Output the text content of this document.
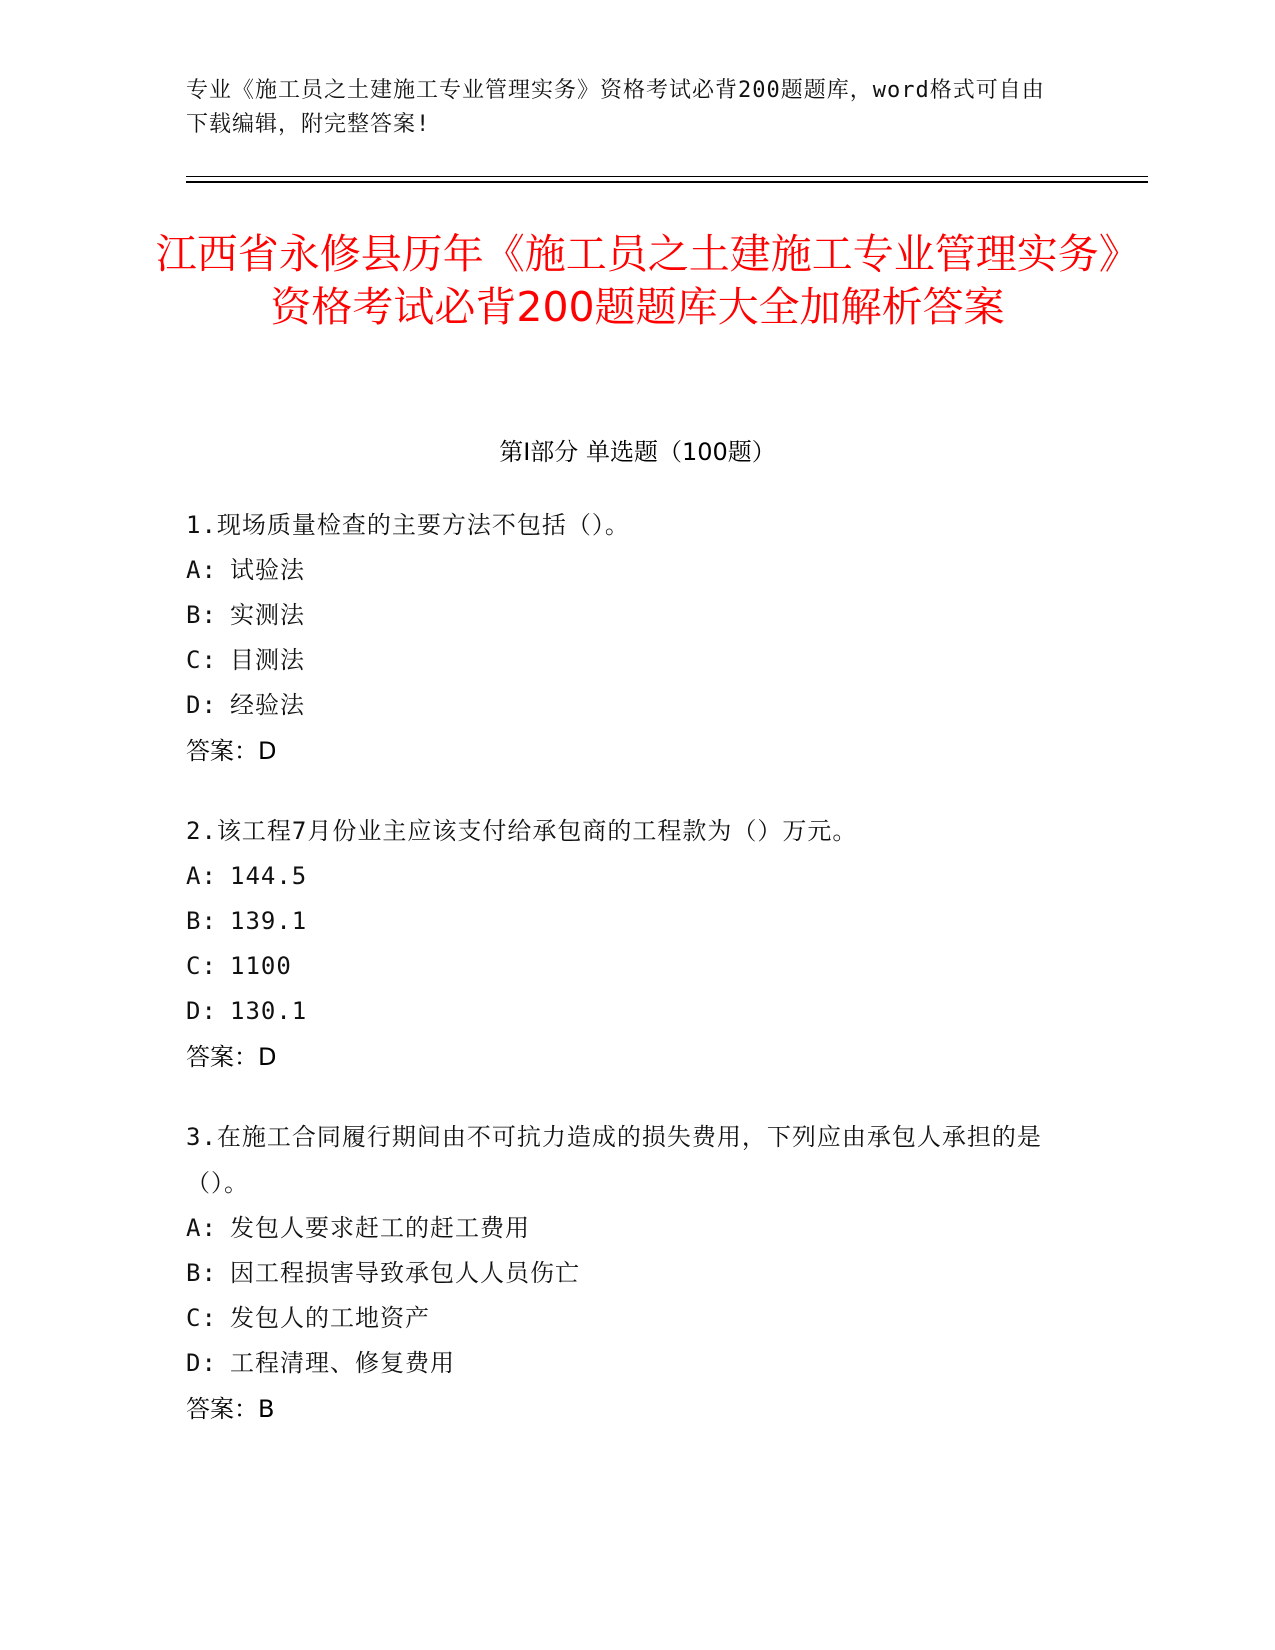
专业《施工员之土建施工专业管理实务》资格考试必背200题题库，word格式可自由下载编辑，附完整答案!
江西省永修县历年《施工员之土建施工专业管理实务》资格考试必背200题题库大全加解析答案
第I部分 单选题（100题）
1.现场质量检查的主要方法不包括（）。
A: 试验法
B: 实测法
C: 目测法
D: 经验法
答案：D
2.该工程7月份业主应该支付给承包商的工程款为（）万元。
A: 144.5
B: 139.1
C: 1100
D: 130.1
答案：D
3.在施工合同履行期间由不可抗力造成的损失费用，下列应由承包人承担的是（）。
A: 发包人要求赶工的赶工费用
B: 因工程损害导致承包人人员伤亡
C: 发包人的工地资产
D: 工程清理、修复费用
答案：B
